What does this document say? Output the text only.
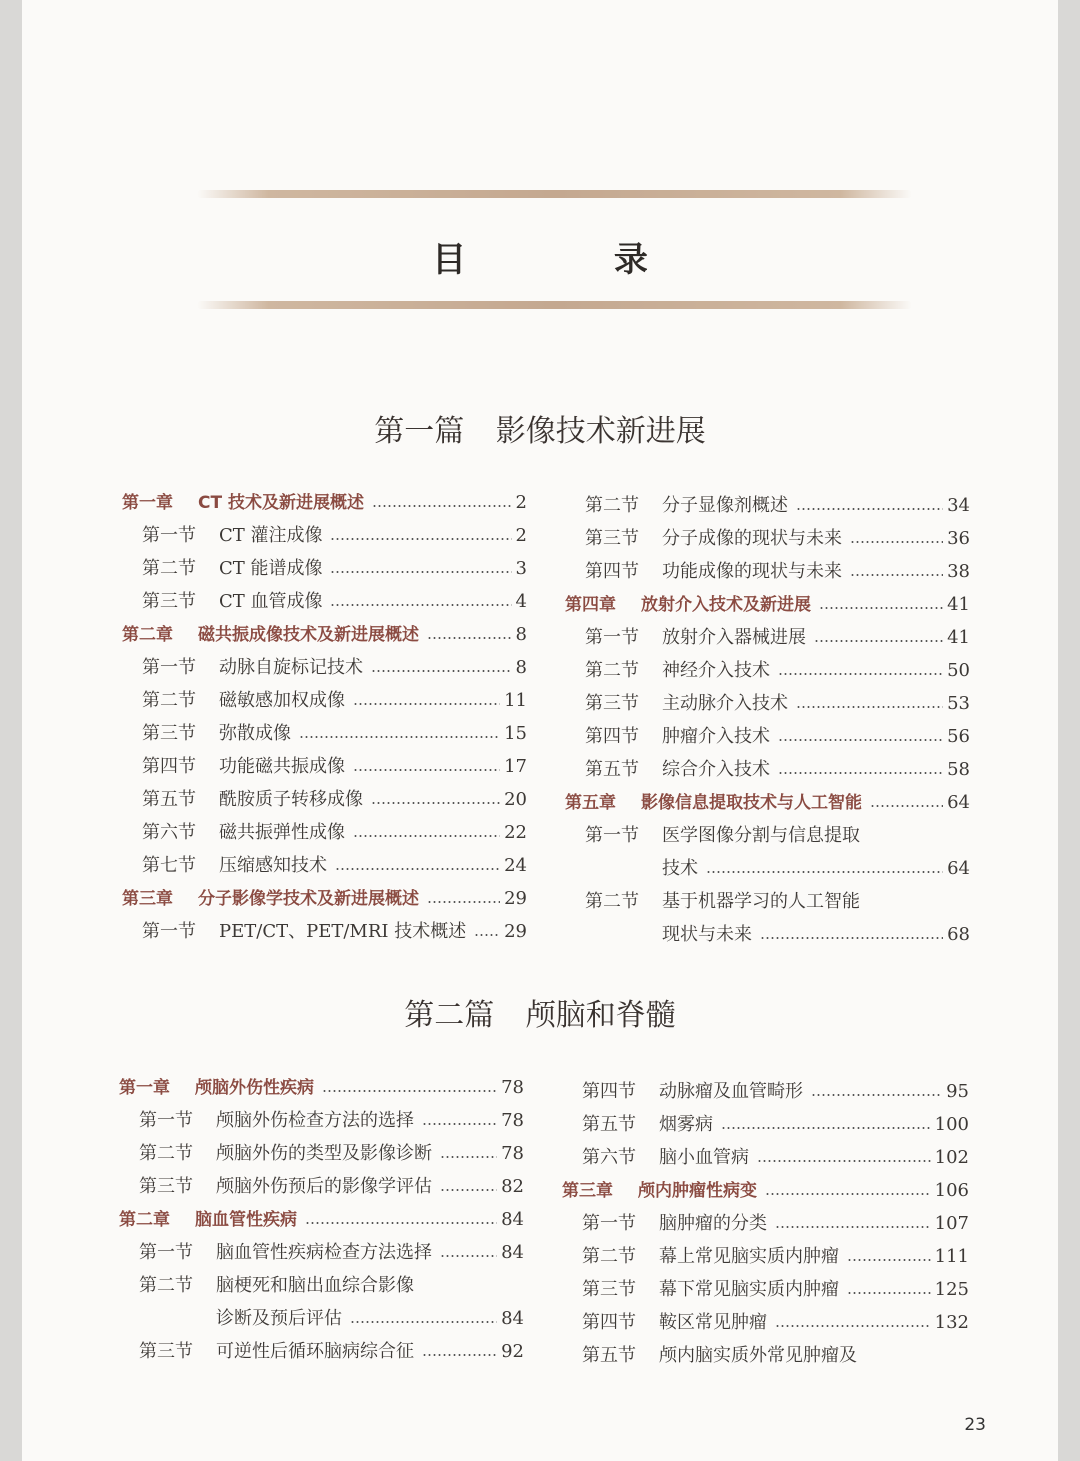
目 录
第一篇 影像技术新进展
第一章 CT 技术及新进展概述	2
第一节 CT 灌注成像	2
第二节 CT 能谱成像	3
第三节 CT 血管成像	4
第二章 磁共振成像技术及新进展概述	8
第一节 动脉自旋标记技术	8
第二节 磁敏感加权成像	11
第三节 弥散成像	15
第四节 功能磁共振成像	17
第五节 酰胺质子转移成像	20
第六节 磁共振弹性成像	22
第七节 压缩感知技术	24
第三章 分子影像学技术及新进展概述	29
第一节 PET/CT、PET/MRI 技术概述 29
第二节 分子显像剂概述	34
第三节 分子成像的现状与未来	36
第四节 功能成像的现状与未来	38
第四章 放射介入技术及新进展	41
第一节 放射介入器械进展	41
第二节 神经介入技术	50
第三节 主动脉介入技术	53
第四节 肿瘤介入技术	56
第五节 综合介入技术	58
第五章 影像信息提取技术与人工智能	64
第一节 医学图像分割与信息提取
技术	64
第二节 基于机器学习的人工智能
现状与未来	68
第二篇 颅脑和脊髓
第一章 颅脑外伤性疾病	78
第一节 颅脑外伤检查方法的选择	78
第二节 颅脑外伤的类型及影像诊断	78
第三节 颅脑外伤预后的影像学评估	82
第二章 脑血管性疾病	84
第一节 脑血管性疾病检查方法选择	84
第二节 脑梗死和脑出血综合影像
诊断及预后评估	84
第三节 可逆性后循环脑病综合征	92
第四节 动脉瘤及血管畸形	95
第五节 烟雾病	100
第六节 脑小血管病	102
第三章 颅内肿瘤性病变	106
第一节 脑肿瘤的分类	107
第二节 幕上常见脑实质内肿瘤	111
第三节 幕下常见脑实质内肿瘤	125
第四节 鞍区常见肿瘤	132
第五节 颅内脑实质外常见肿瘤及
23
